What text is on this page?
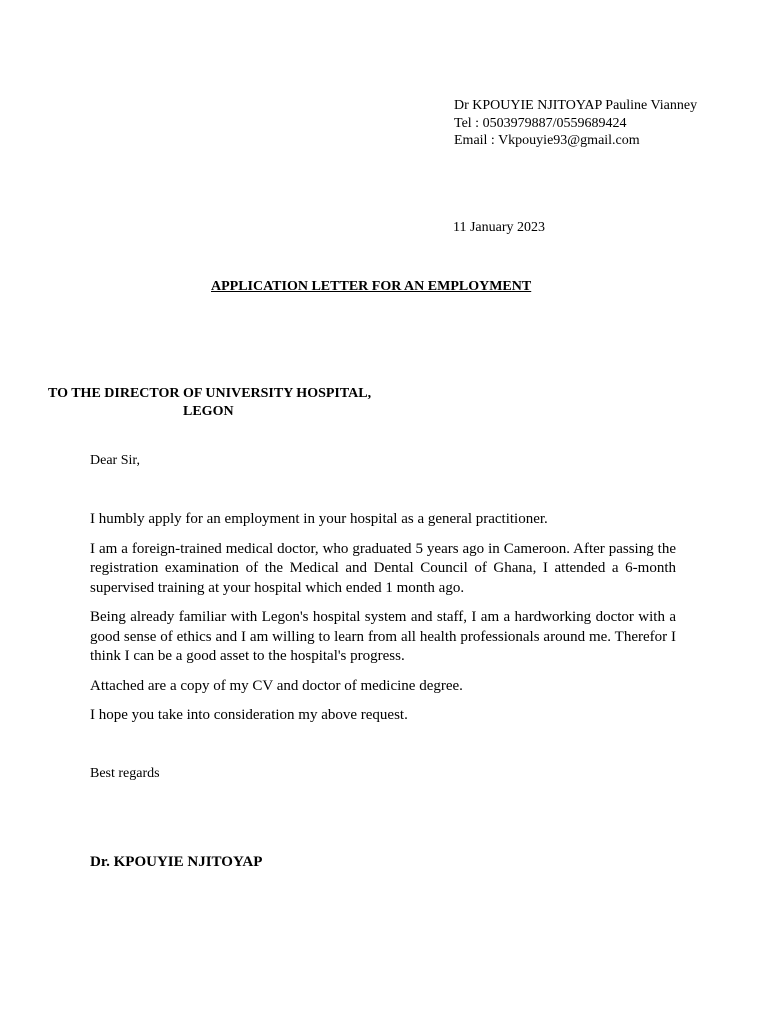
Dr KPOUYIE NJITOYAP Pauline Vianney
Tel : 0503979887/0559689424
Email : Vkpouyie93@gmail.com
11 January 2023
APPLICATION LETTER FOR AN EMPLOYMENT
TO THE DIRECTOR OF UNIVERSITY HOSPITAL,
LEGON
Dear Sir,

I humbly apply for an employment in your hospital as a general practitioner.

I am a foreign-trained medical doctor, who graduated 5 years ago in Cameroon. After passing the registration examination of the Medical and Dental Council of Ghana, I attended a 6-month supervised training at your hospital which ended 1 month ago.

Being already familiar with Legon's hospital system and staff, I am a hardworking doctor with a good sense of ethics and I am willing to learn from all health professionals around me. Therefor I think I can be a good asset to the hospital's progress.

Attached are a copy of my CV and doctor of medicine degree.

I hope you take into consideration my above request.

Best regards
Dr. KPOUYIE NJITOYAP
